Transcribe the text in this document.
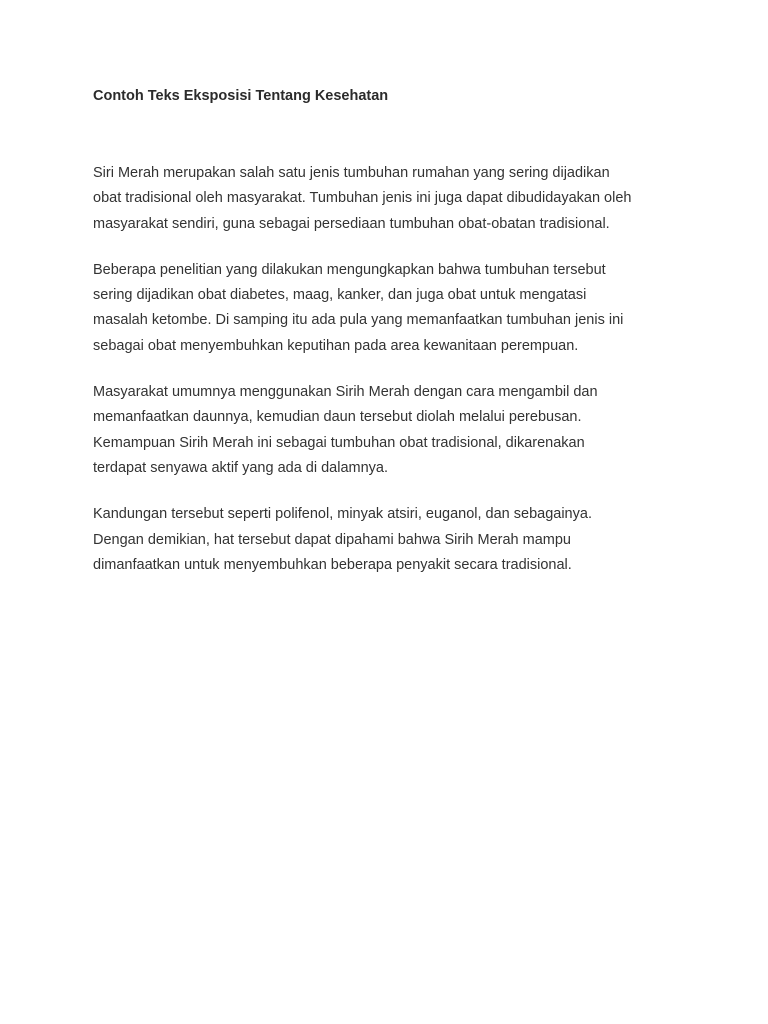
Contoh Teks Eksposisi Tentang Kesehatan

Siri Merah merupakan salah satu jenis tumbuhan rumahan yang sering dijadikan
obat tradisional oleh masyarakat. Tumbuhan jenis ini juga dapat dibudidayakan oleh
masyarakat sendiri, guna sebagai persediaan tumbuhan obat-obatan tradisional.

Beberapa penelitian yang dilakukan mengungkapkan bahwa tumbuhan tersebut
sering dijadikan obat diabetes, maag, kanker, dan juga obat untuk mengatasi
masalah ketombe. Di samping itu ada pula yang memanfaatkan tumbuhan jenis ini
sebagai obat menyembuhkan keputihan pada area kewanitaan perempuan.

Masyarakat umumnya menggunakan Sirih Merah dengan cara mengambil dan
memanfaatkan daunnya, kemudian daun tersebut diolah melalui perebusan.
Kemampuan Sirih Merah ini sebagai tumbuhan obat tradisional, dikarenakan
terdapat senyawa aktif yang ada di dalamnya.

Kandungan tersebut seperti polifenol, minyak atsiri, euganol, dan sebagainya.
Dengan demikian, hat tersebut dapat dipahami bahwa Sirih Merah mampu
dimanfaatkan untuk menyembuhkan beberapa penyakit secara tradisional.
